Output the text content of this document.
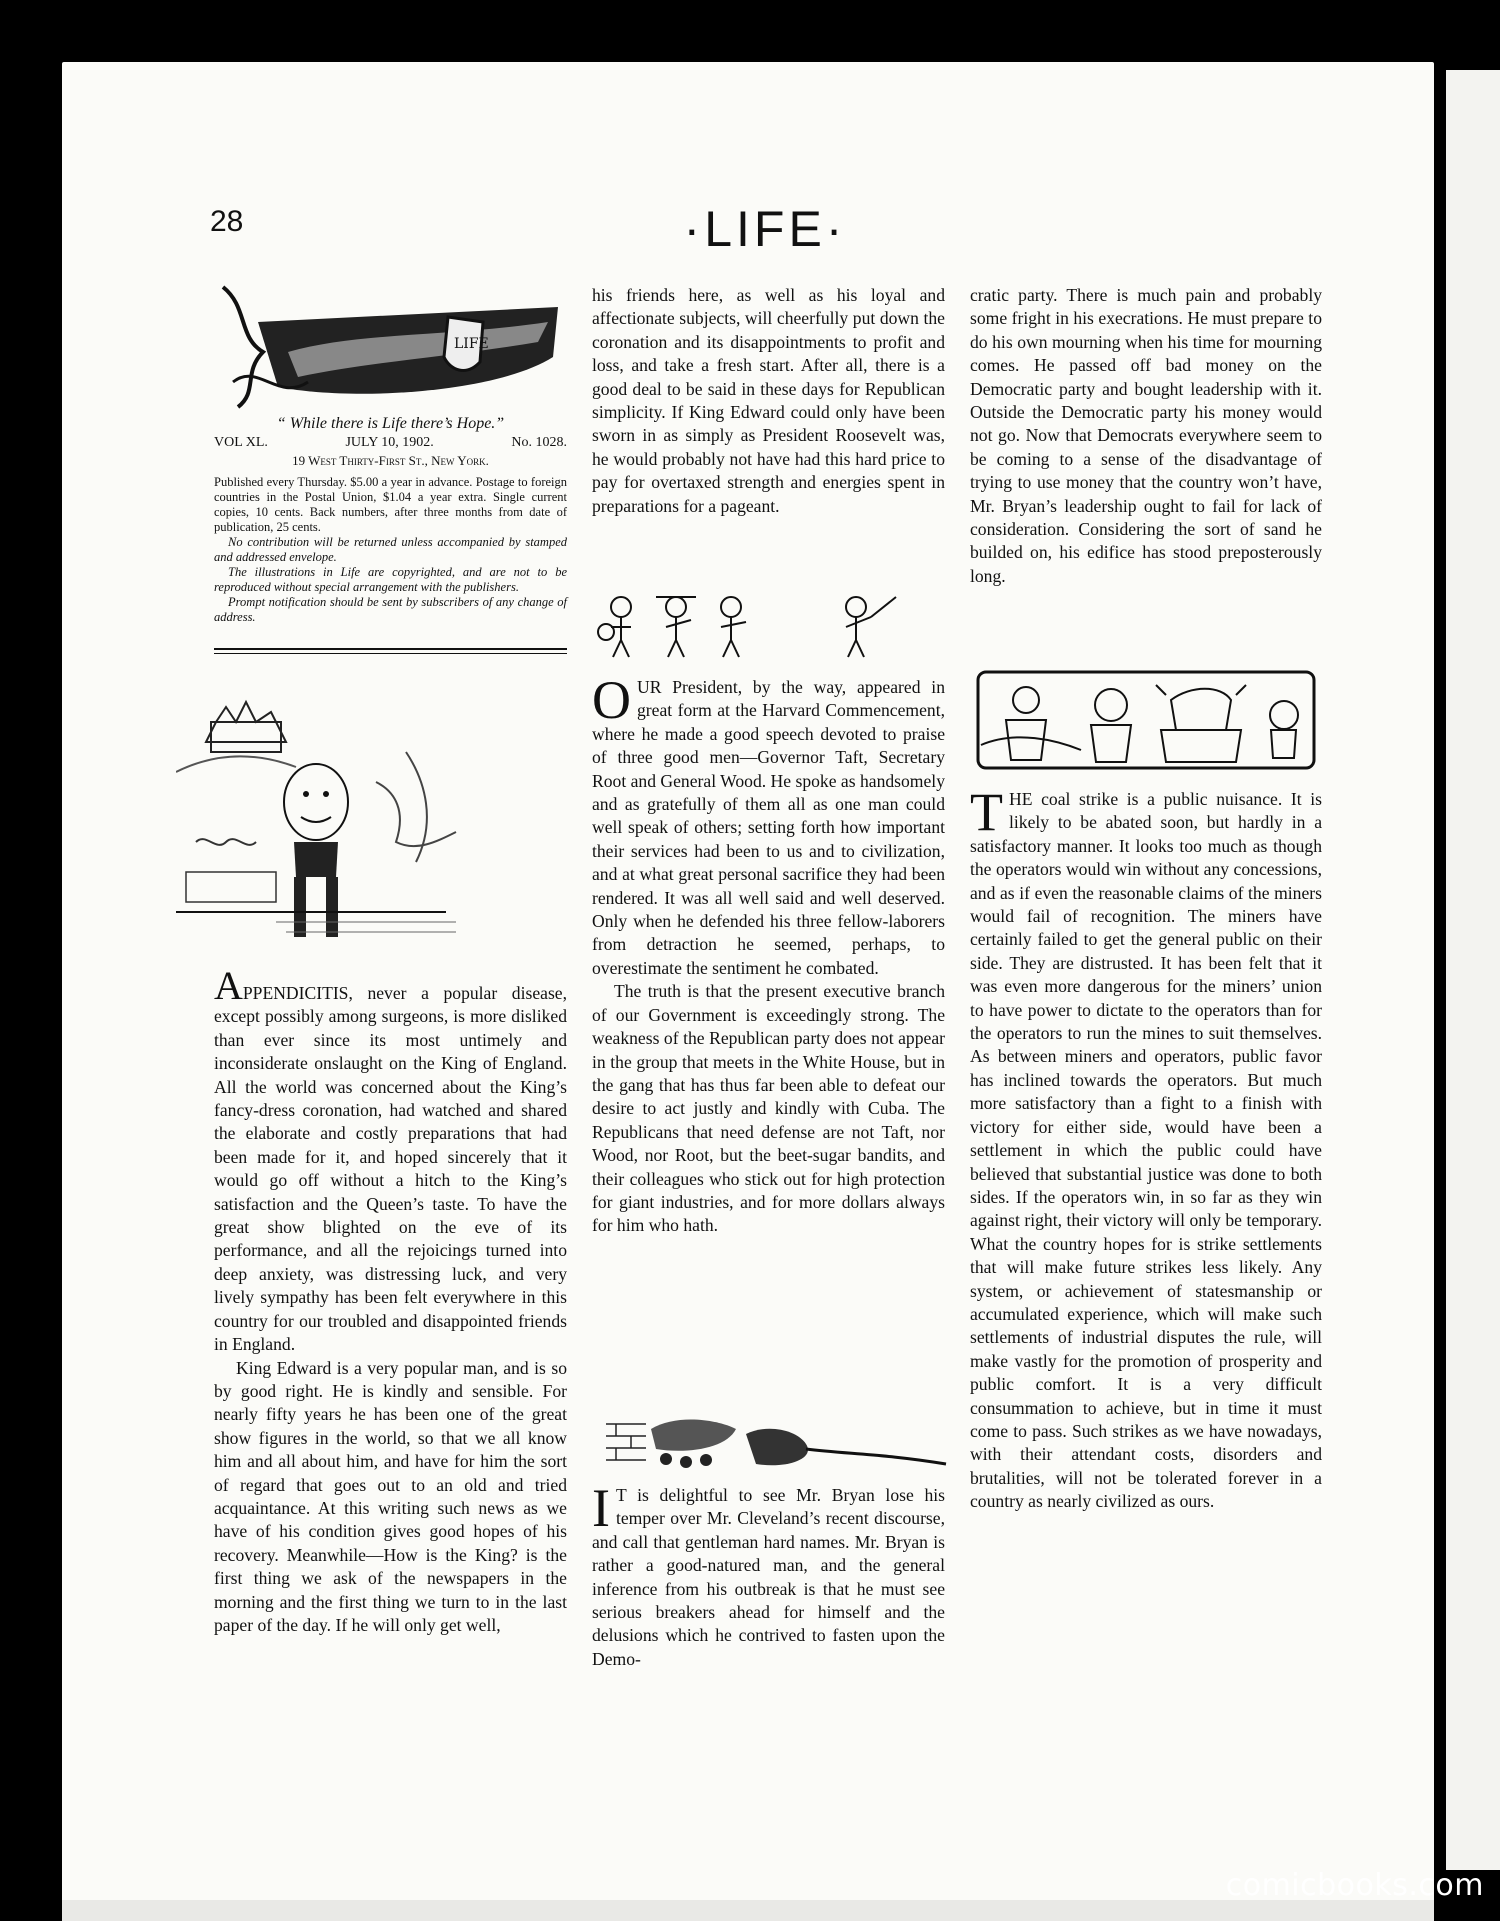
28	·LIFE·
LIFE
“ While there is Life there’s Hope.”
VOL XL.	JULY 10, 1902.	No. 1028.
19 West Thirty-First St., New York.
Published every Thursday. $5.00 a year in advance. Postage to foreign countries in the Postal Union, $1.04 a year extra. Single current copies, 10 cents. Back numbers, after three months from date of publication, 25 cents.
No contribution will be returned unless accompanied by stamped and addressed envelope.
The illustrations in Life are copyrighted, and are not to be reproduced without special arrangement with the publishers.
Prompt notification should be sent by subscribers of any change of address.

APPENDICITIS, never a popular disease, except possibly among surgeons, is more disliked than ever since its most untimely and inconsiderate onslaught on the King of England. All the world was concerned about the King’s fancy-dress coronation, had watched and shared the elaborate and costly preparations that had been made for it, and hoped sincerely that it would go off without a hitch to the King’s satisfaction and the Queen’s taste. To have the great show blighted on the eve of its performance, and all the rejoicings turned into deep anxiety, was distressing luck, and very lively sympathy has been felt everywhere in this country for our troubled and disappointed friends in England.

King Edward is a very popular man, and is so by good right. He is kindly and sensible. For nearly fifty years he has been one of the great show figures in the world, so that we all know him and all about him, and have for him the sort of regard that goes out to an old and tried acquaintance. At this writing such news as we have of his condition gives good hopes of his recovery. Meanwhile—How is the King? is the first thing we ask of the newspapers in the morning and the first thing we turn to in the last paper of the day. If he will only get well,

his friends here, as well as his loyal and affectionate subjects, will cheerfully put down the coronation and its disappointments to profit and loss, and take a fresh start. After all, there is a good deal to be said in these days for Republican simplicity. If King Edward could only have been sworn in as simply as President Roosevelt was, he would probably not have had this hard price to pay for overtaxed strength and energies spent in preparations for a pageant.

OUR President, by the way, appeared in great form at the Harvard Commencement, where he made a good speech devoted to praise of three good men—Governor Taft, Secretary Root and General Wood. He spoke as handsomely and as gratefully of them all as one man could well speak of others; setting forth how important their services had been to us and to civilization, and at what great personal sacrifice they had been rendered. It was all well said and well deserved. Only when he defended his three fellow-laborers from detraction he seemed, perhaps, to overestimate the sentiment he combated.

The truth is that the present executive branch of our Government is exceedingly strong. The weakness of the Republican party does not appear in the group that meets in the White House, but in the gang that has thus far been able to defeat our desire to act justly and kindly with Cuba. The Republicans that need defense are not Taft, nor Wood, nor Root, but the beet-sugar bandits, and their colleagues who stick out for high protection for giant industries, and for more dollars always for him who hath.

I T is delightful to see Mr. Bryan lose his temper over Mr. Cleveland’s recent discourse, and call that gentleman hard names. Mr. Bryan is rather a good-natured man, and the general inference from his outbreak is that he must see serious breakers ahead for himself and the delusions which he contrived to fasten upon the Demo-

cratic party. There is much pain and probably some fright in his execrations. He must prepare to do his own mourning when his time for mourning comes. He passed off bad money on the Democratic party and bought leadership with it. Outside the Democratic party his money would not go. Now that Democrats everywhere seem to be coming to a sense of the disadvantage of trying to use money that the country won’t have, Mr. Bryan’s leadership ought to fail for lack of consideration. Considering the sort of sand he builded on, his edifice has stood preposterously long.

THE coal strike is a public nuisance. It is likely to be abated soon, but hardly in a satisfactory manner. It looks too much as though the operators would win without any concessions, and as if even the reasonable claims of the miners would fail of recognition. The miners have certainly failed to get the general public on their side. They are distrusted. It has been felt that it was even more dangerous for the miners’ union to have power to dictate to the operators than for the operators to run the mines to suit themselves. As between miners and operators, public favor has inclined towards the operators. But much more satisfactory than a fight to a finish with victory for either side, would have been a settlement in which the public could have believed that substantial justice was done to both sides. If the operators win, in so far as they win against right, their victory will only be temporary. What the country hopes for is strike settlements that will make future strikes less likely. Any system, or achievement of statesmanship or accumulated experience, which will make such settlements of industrial disputes the rule, will make vastly for the promotion of prosperity and public comfort. It is a very difficult consummation to achieve, but in time it must come to pass. Such strikes as we have nowadays, with their attendant costs, disorders and brutalities, will not be tolerated forever in a country as nearly civilized as ours.

comicbooks.com
